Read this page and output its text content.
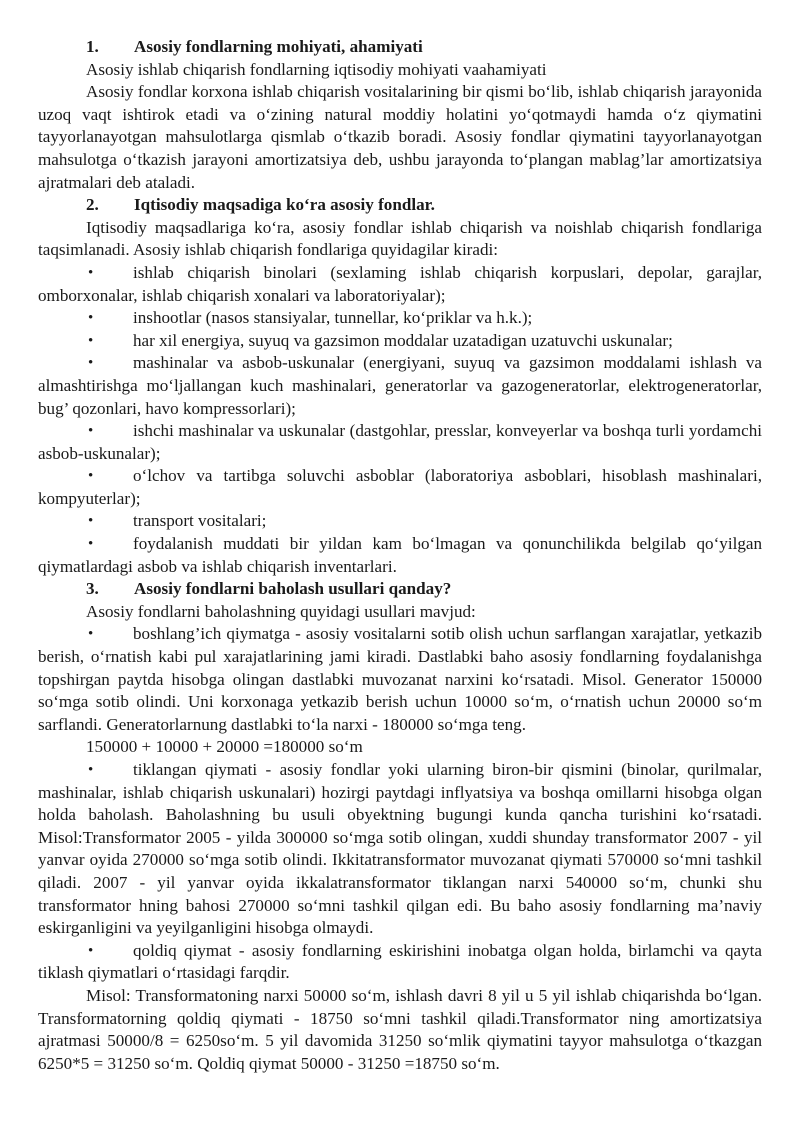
1.	Asosiy fondlarning mohiyati, ahamiyati

Asosiy ishlab chiqarish fondlarning iqtisodiy mohiyati vaahamiyati

Asosiy fondlar korxona ishlab chiqarish vositalarining bir qismi bo‘lib, ishlab chiqarish jarayonida uzoq vaqt ishtirok etadi va o‘zining natural moddiy holatini yo‘qotmaydi hamda o‘z qiymatini tayyorlanayotgan mahsulotlarga qismlab o‘tkazib boradi. Asosiy fondlar qiymatini tayyorlanayotgan mahsulotga o‘tkazish jarayoni amortizatsiya deb, ushbu jarayonda to‘plangan mablag’lar amortizatsiya ajratmalari deb ataladi.

2.	Iqtisodiy maqsadiga ko‘ra asosiy fondlar.

Iqtisodiy maqsadlariga ko‘ra, asosiy fondlar ishlab chiqarish va noishlab chiqarish fondlariga taqsimlanadi. Asosiy ishlab chiqarish fondlariga quyidagilar kiradi:

• ishlab chiqarish binolari (sexlaming ishlab chiqarish korpuslari, depolar, garajlar, omborxonalar, ishlab chiqarish xonalari va laboratoriyalar);

• inshootlar (nasos stansiyalar, tunnellar, ko‘priklar va h.k.);

• har xil energiya, suyuq va gazsimon moddalar uzatadigan uzatuvchi uskunalar;

• mashinalar va asbob-uskunalar (energiyani, suyuq va gazsimon moddalami ishlash va almashtirishga mo‘ljallangan kuch mashinalari, generatorlar va gazogeneratorlar, elektrogeneratorlar, bug’ qozonlari, havo kompressorlari);

• ishchi mashinalar va uskunalar (dastgohlar, presslar, konveyerlar va boshqa turli yordamchi asbob-uskunalar);

• o‘lchov va tartibga soluvchi asboblar (laboratoriya asboblari, hisoblash mashinalari, kompyuterlar);

• transport vositalari;

• foydalanish muddati bir yildan kam bo‘lmagan va qonunchilikda belgilab qo‘yilgan qiymatlardagi asbob va ishlab chiqarish inventarlari.

3.	Asosiy fondlarni baholash usullari qanday?

Asosiy fondlarni baholashning quyidagi usullari mavjud:

• boshlang’ich qiymatga - asosiy vositalarni sotib olish uchun sarflangan xarajatlar, yetkazib berish, o‘rnatish kabi pul xarajatlarining jami kiradi. Dastlabki baho asosiy fondlarning foydalanishga topshirgan paytda hisobga olingan dastlabki muvozanat narxini ko‘rsatadi. Misol. Generator 150000 so‘mga sotib olindi. Uni korxonaga yetkazib berish uchun 10000 so‘m, o‘rnatish uchun 20000 so‘m sarflandi. Generatorlarnung dastlabki to‘la narxi - 180000 so‘mga teng.

150000 + 10000 + 20000 =180000 so‘m

• tiklangan qiymati - asosiy fondlar yoki ularning biron-bir qismini (binolar, qurilmalar, mashinalar, ishlab chiqarish uskunalari) hozirgi paytdagi inflyatsiya va boshqa omillarni hisobga olgan holda baholash. Baholashning bu usuli obyektning bugungi kunda qancha turishini ko‘rsatadi. Misol:Transformator 2005 - yilda 300000 so‘mga sotib olingan, xuddi shunday transformator 2007 - yil yanvar oyida 270000 so‘mga sotib olindi. Ikkitatransformator muvozanat qiymati 570000 so‘mni tashkil qiladi. 2007 - yil yanvar oyida ikkalatransformator tiklangan narxi 540000 so‘m, chunki shu transformator hning bahosi 270000 so‘mni tashkil qilgan edi. Bu baho asosiy fondlarning ma’naviy eskirganligini va yeyilganligini hisobga olmaydi.

• qoldiq qiymat - asosiy fondlarning eskirishini inobatga olgan holda, birlamchi va qayta tiklash qiymatlari o‘rtasidagi farqdir.

Misol: Transformatoning narxi 50000 so‘m, ishlash davri 8 yil u 5 yil ishlab chiqarishda bo‘lgan. Transformatorning qoldiq qiymati - 18750 so‘mni tashkil qiladi.Transformator ning amortizatsiya ajratmasi 50000/8 = 6250so‘m. 5 yil davomida 31250 so‘mlik qiymatini tayyor mahsulotga o‘tkazgan 6250*5 = 31250 so‘m. Qoldiq qiymat 50000 - 31250 =18750 so‘m.
